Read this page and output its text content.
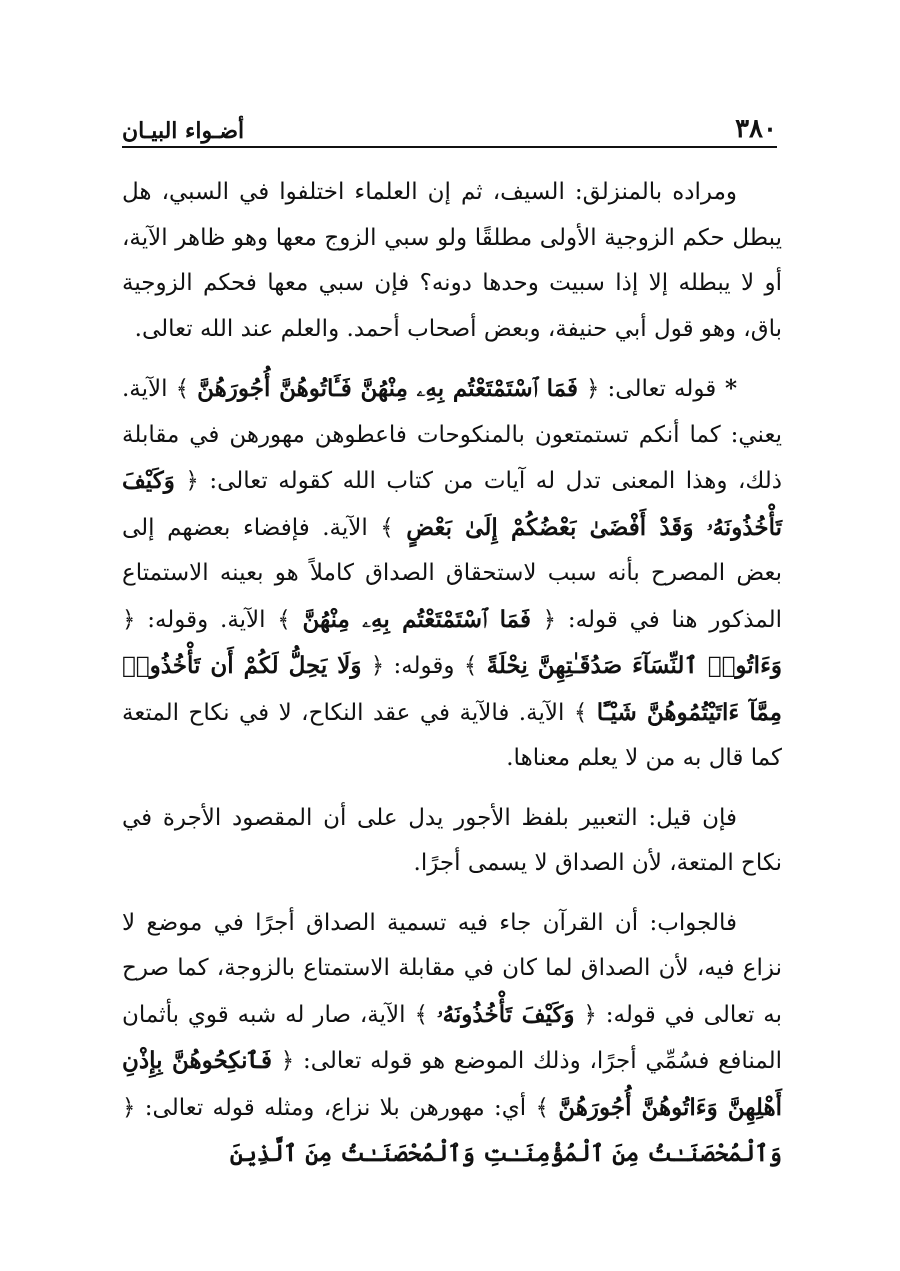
٣٨٠
أضـواء البيـان

ومراده بالمنزلق: السيف، ثم إن العلماء اختلفوا في السبي، هل يبطل حكم الزوجية الأولى مطلقًا ولو سبي الزوج معها وهو ظاهر الآية، أو لا يبطله إلا إذا سبيت وحدها دونه؟ فإن سبي معها فحكم الزوجية باق، وهو قول أبي حنيفة، وبعض أصحاب أحمد. والعلم عند الله تعالى.

* قوله تعالى: ﴿ فَمَا ٱسْتَمْتَعْتُم بِهِۦ مِنْهُنَّ فَـَٔاتُوهُنَّ أُجُورَهُنَّ ﴾ الآية. يعني: كما أنكم تستمتعون بالمنكوحات فاعطوهن مهورهن في مقابلة ذلك، وهذا المعنى تدل له آيات من كتاب الله كقوله تعالى: ﴿ وَكَيْفَ تَأْخُذُونَهُۥ وَقَدْ أَفْضَىٰ بَعْضُكُمْ إِلَىٰ بَعْضٍ ﴾ الآية. فإفضاء بعضهم إلى بعض المصرح بأنه سبب لاستحقاق الصداق كاملاً هو بعينه الاستمتاع المذكور هنا في قوله: ﴿ فَمَا ٱسْتَمْتَعْتُم بِهِۦ مِنْهُنَّ ﴾ الآية. وقوله: ﴿ وَءَاتُوا۟ ٱلنِّسَآءَ صَدُقَـٰتِهِنَّ نِحْلَةً ﴾ وقوله: ﴿ وَلَا يَحِلُّ لَكُمْ أَن تَأْخُذُوا۟ مِمَّآ ءَاتَيْتُمُوهُنَّ شَيْـًٔا ﴾ الآية. فالآية في عقد النكاح، لا في نكاح المتعة كما قال به من لا يعلم معناها.

فإن قيل: التعبير بلفظ الأجور يدل على أن المقصود الأجرة في نكاح المتعة، لأن الصداق لا يسمى أجرًا.

فالجواب: أن القرآن جاء فيه تسمية الصداق أجرًا في موضع لا نزاع فيه، لأن الصداق لما كان في مقابلة الاستمتاع بالزوجة، كما صرح به تعالى في قوله: ﴿ وَكَيْفَ تَأْخُذُونَهُۥ ﴾ الآية، صار له شبه قوي بأثمان المنافع فسُمِّي أجرًا، وذلك الموضع هو قوله تعالى: ﴿ فَٱنكِحُوهُنَّ بِإِذْنِ أَهْلِهِنَّ وَءَاتُوهُنَّ أُجُورَهُنَّ ﴾ أي: مهورهن بلا نزاع، ومثله قوله تعالى: ﴿ وَٱلْمُحْصَنَـٰتُ مِنَ ٱلْمُؤْمِنَـٰتِ وَٱلْمُحْصَنَـٰتُ مِنَ ٱلَّذِينَ
